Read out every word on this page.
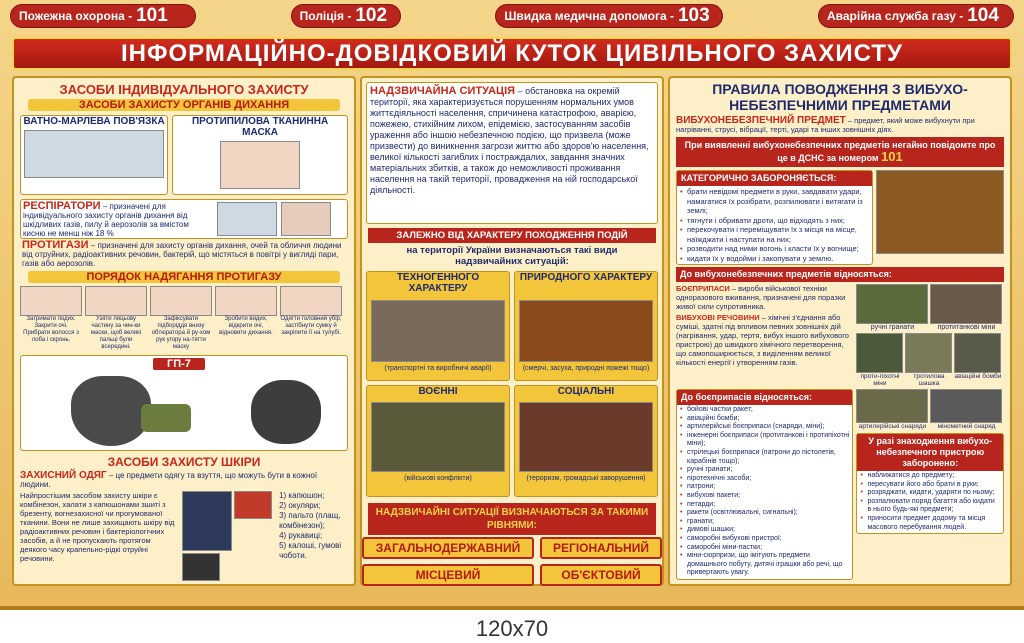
Пожежна охорона - 101	Поліція - 102	Швидка медична допомога - 103	Аварійна служба газу - 104
ІНФОРМАЦІЙНО-ДОВІДКОВИЙ КУТОК ЦИВІЛЬНОГО ЗАХИСТУ
ЗАСОБИ ІНДИВІДУАЛЬНОГО ЗАХИСТУ
ЗАСОБИ ЗАХИСТУ ОРГАНІВ ДИХАННЯ
ВАТНО-МАРЛЕВА ПОВ'ЯЗКА	ПРОТИПИЛОВА ТКАНИННА МАСКА
РЕСПІРАТОРИ – призначені для індивідуального захисту органів дихання від шкідливих газів, пилу й аерозолів за вмістом кисню не менш ніж 18 %
ПРОТИГАЗИ – призначені для захисту органів дихання, очей та обличчя людини від отруйних, радіоактивних речовин, бактерій, що містяться в повітрі у вигляді пари, газів або аерозолів.
ПОРЯДОК НАДЯГАННЯ ПРОТИГАЗУ
Затримати подих. Закрити очі. Прибрати волосся з лоба і скронь.
Узяти лицьову частину за чин-ки маски, щоб великі пальці були всередині.
Зафіксувати підборіддя внизу обтюратора й ру-хом рук угору на-тягти маску
Зробити видих, відкрити очі, відновити дихання.
Одягти головний убір, застібнути сумку й закріпити її на тулубі.
ГП-7
ЗАСОБИ ЗАХИСТУ ШКІРИ
ЗАХИСНИЙ ОДЯГ – це предмети одягу та взуття, що можуть бути в кожної людини.
Найпростішим засобом захисту шкіри є комбінезон, халати з капюшонами зшиті з брезенту, вогнезахисної чи прогумованої тканини. Вони не лише захищають шкіру від радіоактивних речовин і бактеріологічних засобів, а й не пропускають протягом деякого часу крапельно-рідкі отруйні речовини.
1) капюшон;
2) окуляри;
3) пальто (плащ, комбінезон);
4) рукавиці;
5) калоші, гумові чоботи.
НАДЗВИЧАЙНА СИТУАЦІЯ – обстановка на окремій території, яка характеризується порушенням нормальних умов життєдіяльності населення, спричинена катастрофою, аварією, пожежею, стихійним лихом, епідемією, застосуванням засобів ураження або іншою небезпечною подією, що призвела (може призвести) до виникнення загрози життю або здоров'ю населення, великої кількості загиблих і постраждалих, завдання значних матеріальних збитків, а також до неможливості проживання населення на такій території, провадження на ній господарської діяльності.
ЗАЛЕЖНО ВІД ХАРАКТЕРУ ПОХОДЖЕННЯ ПОДІЙ
на території України визначаються такі види надзвичайних ситуацій:
ТЕХНОГЕННОГО ХАРАКТЕРУ
(транспортні та виробничі аварії)
ПРИРОДНОГО ХАРАКТЕРУ
(смерчі, засуха, природні пожежі тощо)
ВОЄННІ
(військові конфлікти)
СОЦІАЛЬНІ
(тероризм, громадські заворушення)
НАДЗВИЧАЙНІ СИТУАЦІЇ ВИЗНАЧАЮТЬСЯ ЗА ТАКИМИ РІВНЯМИ:
ЗАГАЛЬНОДЕРЖАВНИЙ	РЕГІОНАЛЬНИЙ
МІСЦЕВИЙ	ОБ'ЄКТОВИЙ
ПРАВИЛА ПОВОДЖЕННЯ З ВИБУХО-НЕБЕЗПЕЧНИМИ ПРЕДМЕТАМИ
ВИБУХОНЕБЕЗПЕЧНИЙ ПРЕДМЕТ – предмет, який може вибухнути при нагріванні, струсі, вібрації, терті, ударі та інших зовнішніх діях.
При виявленні вибухонебезпечних предметів негайно повідомте про це в ДСНС за номером 101
КАТЕГОРИЧНО ЗАБОРОНЯЄТЬСЯ:
• брати невідомі предмети в руки, завдавати удари, намагатися їх розібрати, розпилювати і витягати із землі;
• тягнути і обривати дроти, що відходять з них;
• перекочувати і переміщувати їх з місця на місце, наїжджати і наступати на них;
• розводити над ними вогонь і класти їх у вогнище;
• кидати їх у водойми і закопувати у землю.
До вибухонебезпечних предметів відносяться:
БОЄПРИПАСИ – вироби військової техніки одноразового вживання, призначені для поразки живої сили супротивника.
ВИБУХОВІ РЕЧОВИНИ – хімічні з'єднання або суміші, здатні під впливом певних зовнішніх дій (нагрівання, удар, тертя, вибух іншого вибухового пристрою) до швидкого хімічного перетворення, що самопоширюється, з виділенням великої кількості енергії і утворенням газів.
ручні гранати	протитанкові міни
проти-піхотні міни
тротилова шашка
авіаційні бомби
До боєприпасів відносяться:
• бойові частки ракет;
• авіаційні бомби;
• артилерійські боєприпаси (снаряди, міни);
• інженерні боєприпаси (протитанкові і протипіхотні міни);
• стрілецькі боєприпаси (патрони до пістолетів, карабінів тощо);
• ручні гранати;
• піротехнічні засоби;
• патрони;
• вибухові пакети;
• петарди;
• ракети (освітлювальні, сигнальні);
• гранати;
• димові шашки;
• саморобні вибухові пристрої;
• саморобні міни-пастки;
• міни-сюрпризи, що імітують предмети домашнього побуту, дитячі іграшки або речі, що привертають увагу.
артилерійські снаряди	мінометний снаряд
У разі знаходження вибухо-небезпечного пристрою заборонено:
• наближатися до предмету;
• пересувати його або брати в руки;
• розряджати, кидати, ударяти по ньому;
• розпалювати поряд багаття або кидати в нього будь-які предмети;
• приносити предмет додому та місця масового перебування людей.
120x70
